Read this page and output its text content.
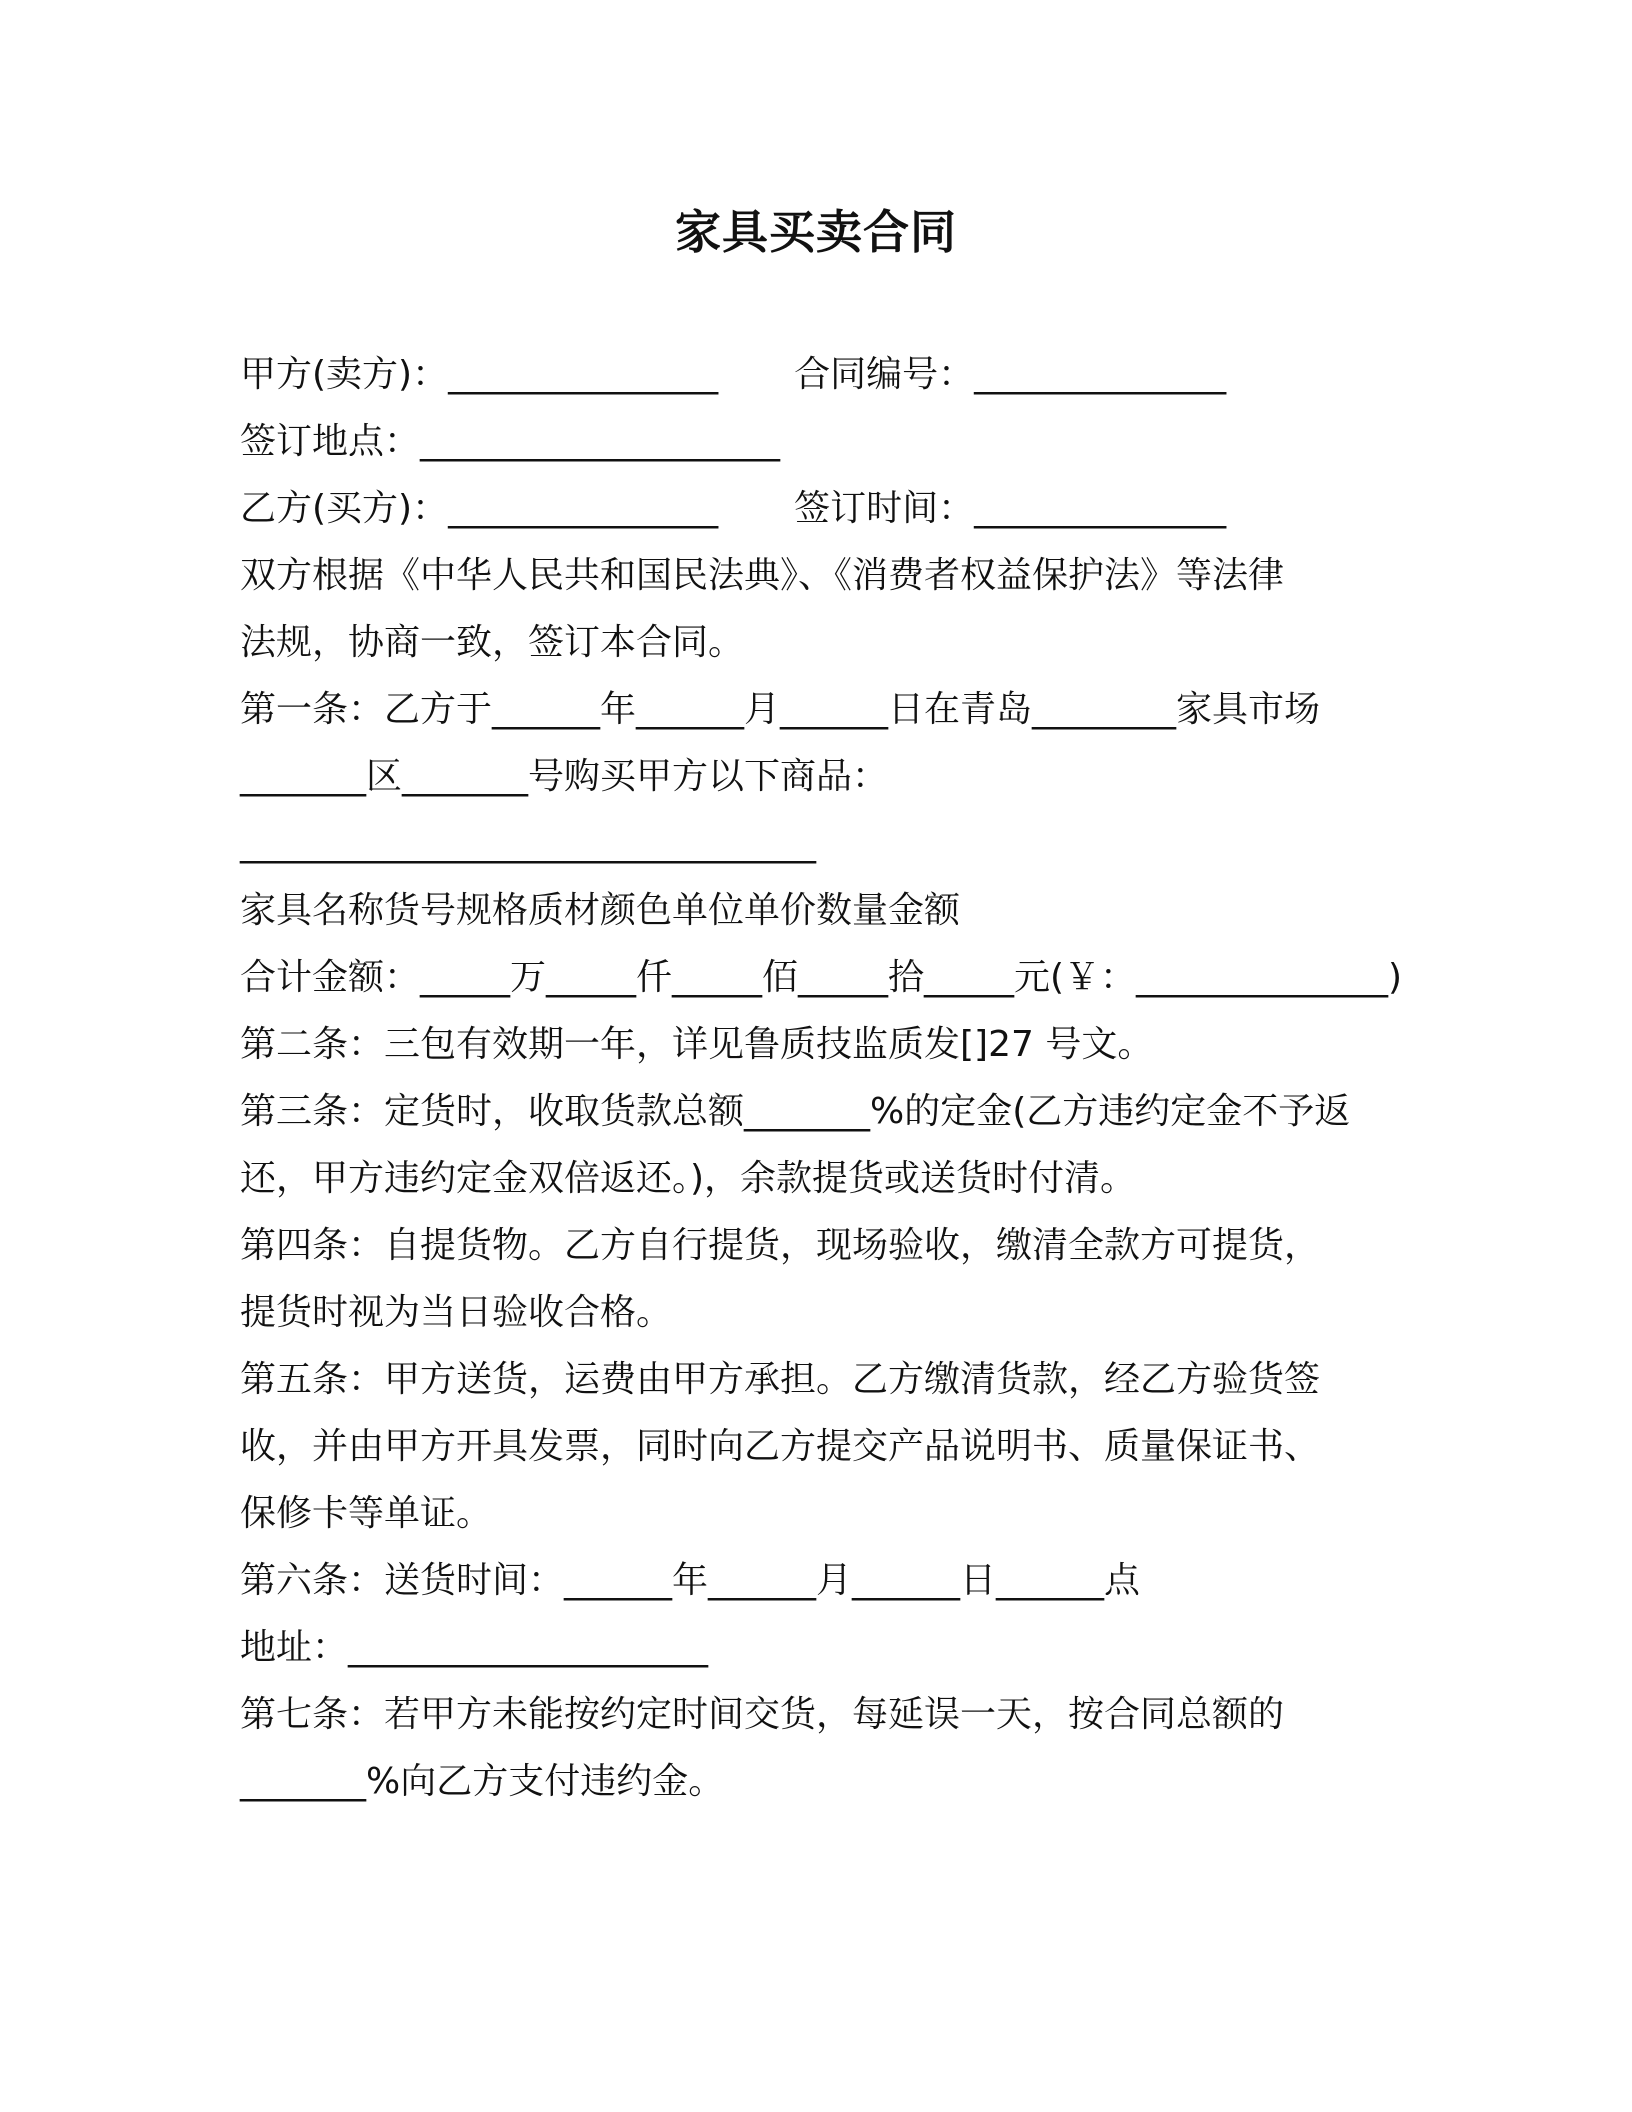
家具买卖合同
甲方(卖方)：_______________ 合同编号：______________
签订地点：____________________
乙方(买方)：_______________ 签订时间：______________
双方根据《中华人民共和国民法典》、《消费者权益保护法》等法律
法规，协商一致，签订本合同。
第一条：乙方于______年______月______日在青岛________家具市场
_______区_______号购买甲方以下商品：
________________________________
家具名称货号规格质材颜色单位单价数量金额
合计金额：_____万_____仟_____佰_____拾_____元(￥：______________)
第二条：三包有效期一年，详见鲁质技监质发[]27 号文。
第三条：定货时，收取货款总额_______%的定金(乙方违约定金不予返
还，甲方违约定金双倍返还。)，余款提货或送货时付清。
第四条：自提货物。乙方自行提货，现场验收，缴清全款方可提货，
提货时视为当日验收合格。
第五条：甲方送货，运费由甲方承担。乙方缴清货款，经乙方验货签
收，并由甲方开具发票，同时向乙方提交产品说明书、质量保证书、
保修卡等单证。
第六条：送货时间：______年______月______日______点
地址：____________________
第七条：若甲方未能按约定时间交货，每延误一天，按合同总额的
_______%向乙方支付违约金。
